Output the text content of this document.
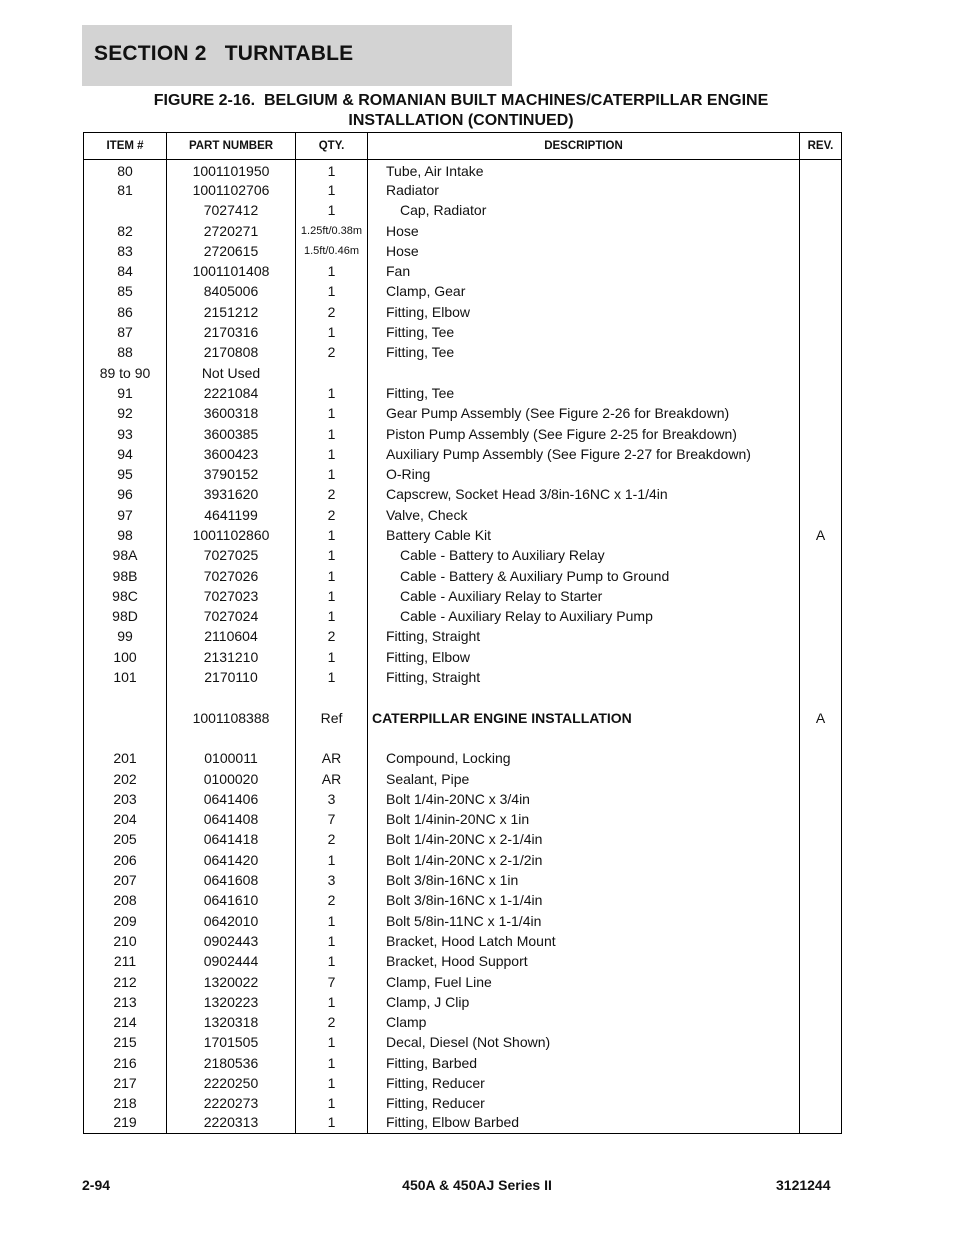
SECTION 2   TURNTABLE
FIGURE 2-16.  BELGIUM & ROMANIAN BUILT MACHINES/CATERPILLAR ENGINE
INSTALLATION (CONTINUED)
ITEM #	PART NUMBER	QTY.	DESCRIPTION	REV.
80	1001101950	1	Tube, Air Intake	
81	1001102706	1	Radiator	
	7027412	1	Cap, Radiator	
82	2720271	1.25ft/0.38m	Hose	
83	2720615	1.5ft/0.46m	Hose	
84	1001101408	1	Fan	
85	8405006	1	Clamp, Gear	
86	2151212	2	Fitting, Elbow	
87	2170316	1	Fitting, Tee	
88	2170808	2	Fitting, Tee	
89 to 90	Not Used			
91	2221084	1	Fitting, Tee	
92	3600318	1	Gear Pump Assembly (See Figure 2-26 for Breakdown)	
93	3600385	1	Piston Pump Assembly (See Figure 2-25 for Breakdown)	
94	3600423	1	Auxiliary Pump Assembly (See Figure 2-27 for Breakdown)	
95	3790152	1	O-Ring	
96	3931620	2	Capscrew, Socket Head 3/8in-16NC x 1-1/4in	
97	4641199	2	Valve, Check	
98	1001102860	1	Battery Cable Kit	A
98A	7027025	1	Cable - Battery to Auxiliary Relay	
98B	7027026	1	Cable - Battery & Auxiliary Pump to Ground	
98C	7027023	1	Cable - Auxiliary Relay to Starter	
98D	7027024	1	Cable - Auxiliary Relay to Auxiliary Pump	
99	2110604	2	Fitting, Straight	
100	2131210	1	Fitting, Elbow	
101	2170110	1	Fitting, Straight	

	1001108388	Ref	CATERPILLAR ENGINE INSTALLATION	A

201	0100011	AR	Compound, Locking	
202	0100020	AR	Sealant, Pipe	
203	0641406	3	Bolt 1/4in-20NC x 3/4in	
204	0641408	7	Bolt 1/4inin-20NC x 1in	
205	0641418	2	Bolt 1/4in-20NC x 2-1/4in	
206	0641420	1	Bolt 1/4in-20NC x 2-1/2in	
207	0641608	3	Bolt 3/8in-16NC x 1in	
208	0641610	2	Bolt 3/8in-16NC x 1-1/4in	
209	0642010	1	Bolt 5/8in-11NC x 1-1/4in	
210	0902443	1	Bracket, Hood Latch Mount	
211	0902444	1	Bracket, Hood Support	
212	1320022	7	Clamp, Fuel Line	
213	1320223	1	Clamp, J Clip	
214	1320318	2	Clamp	
215	1701505	1	Decal, Diesel (Not Shown)	
216	2180536	1	Fitting, Barbed	
217	2220250	1	Fitting, Reducer	
218	2220273	1	Fitting, Reducer	
219	2220313	1	Fitting, Elbow Barbed	
2-94	450A & 450AJ Series II	3121244
